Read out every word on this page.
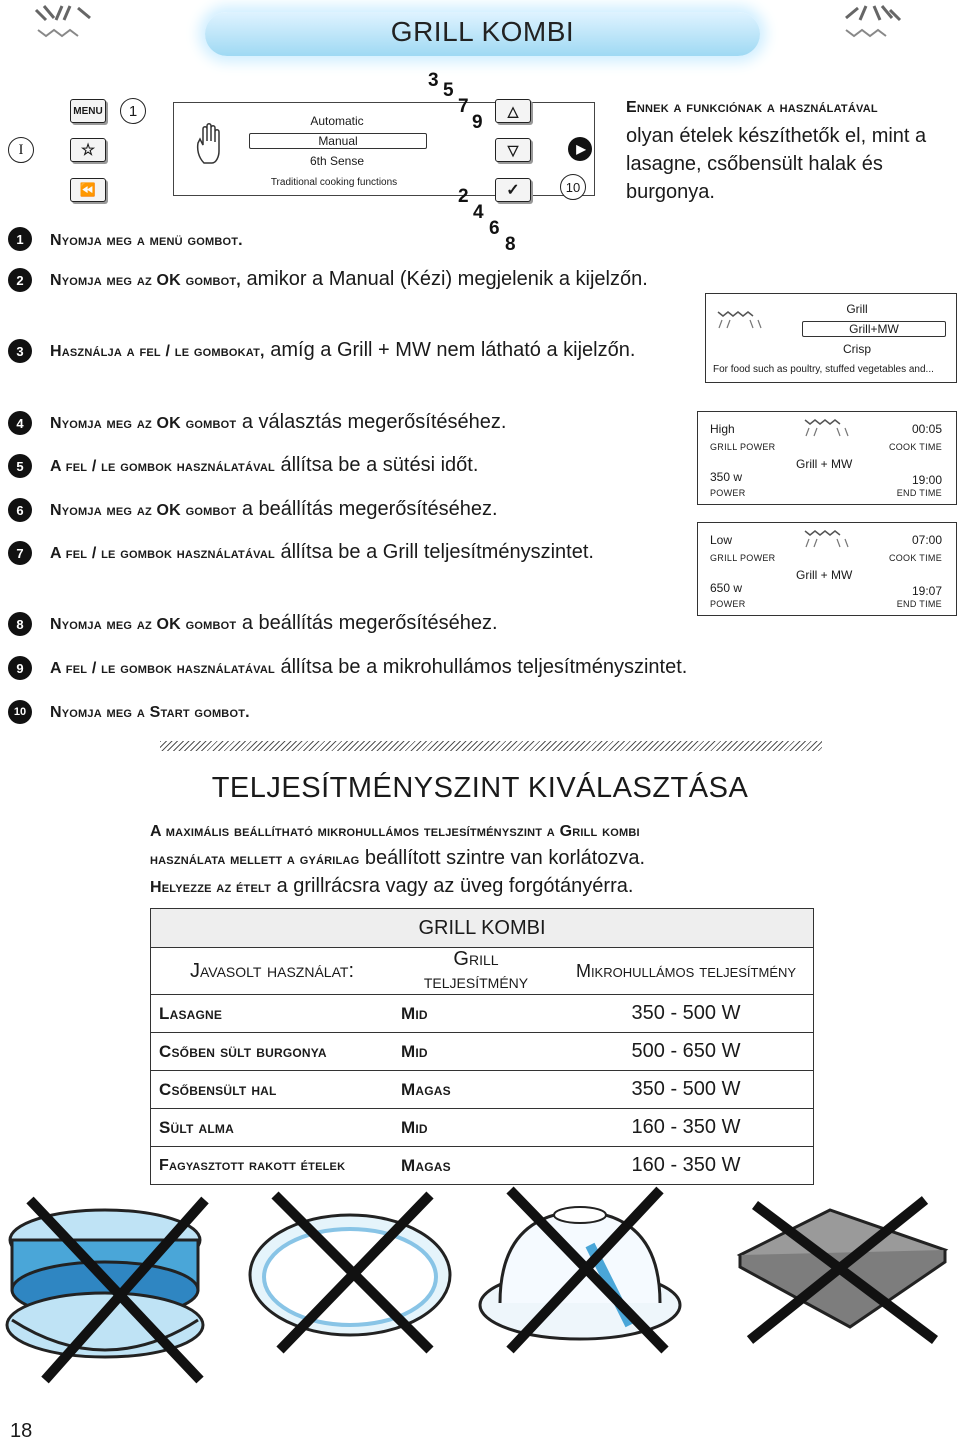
GRILL KOMBI
I
MENU
☆
⏪
1
Automatic
Manual
6th Sense
Traditional cooking functions
3 5
7
9
2
4
6
8
△
▽
✓
▶
10
Ennek a funkciónak a használatával
olyan ételek készíthetők el, mint a lasagne, csőbensült halak és burgonya.
1	Nyomja meg a menü gombot.
2	Nyomja meg az OK gombot, amikor a Manual (Kézi) megjelenik a kijelzőn.
3	Használja a fel / le gombokat, amíg a Grill + MW nem látható a kijelzőn.
4	Nyomja meg az OK gombot a választás megerősítéséhez.
5	A fel / le gombok használatával állítsa be a sütési időt.
6	Nyomja meg az OK gombot a beállítás megerősítéséhez.
7	A fel / le gombok használatával állítsa be a Grill teljesítményszintet.
8	Nyomja meg az OK gombot a beállítás megerősítéséhez.
9	A fel / le gombok használatával állítsa be a mikrohullámos teljesítményszintet.
10	Nyomja meg a Start gombot.
Grill
Grill+MW
Crisp
For food such as poultry, stuffed vegetables and...
High
GRILL POWER
00:05
COOK TIME
Grill + MW
350 w
POWER
19:00
END TIME
Low
GRILL POWER
07:00
COOK TIME
Grill + MW
650 w
POWER
19:07
END TIME
TELJESÍTMÉNYSZINT KIVÁLASZTÁSA
A maximális beállítható mikrohullámos teljesítményszint a Grill kombi
használata mellett a gyárilag beállított szintre van korlátozva.
Helyezze az ételt a grillrácsra vagy az üveg forgótányérra.
GRILL KOMBI		
Javasolt használat:	Grill teljesítmény	Mikrohullámos teljesítmény
Lasagne	Mid	350 - 500 W
Csőben sült burgonya	Mid	500 - 650 W
Csőbensült hal	Magas	350 - 500 W
Sült alma	Mid	160 - 350 W
Fagyasztott rakott ételek	Magas	160 - 350 W
18
